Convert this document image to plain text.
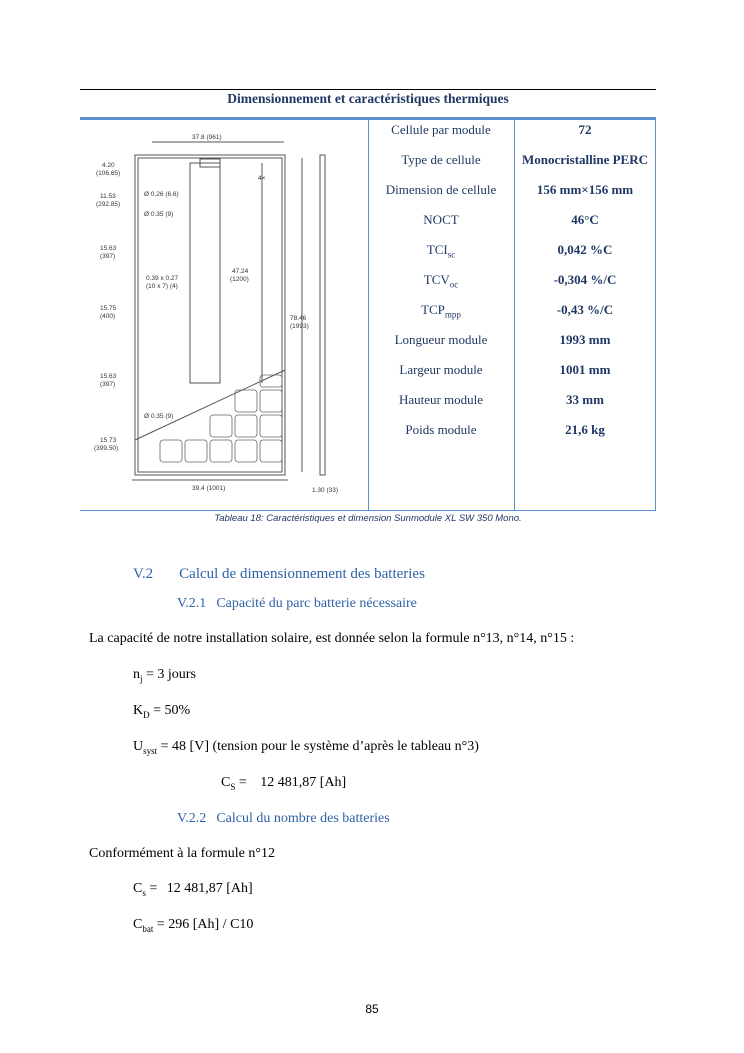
Dimensionnement et caractéristiques thermiques
37.8 (961)
39.4 (1001)
78.46
(1993)
47.24
(1200)
1.30 (33)
Ø 0.26 (6.6)
Ø 0.35 (9)
Ø 0.35 (9)
0.39 x 0.27
(10 x 7) (4)
4×
4.20
(106.65)
11.53
(292.85)
15.63
(397)
15.75
(400)
15.63
(397)
15.73
(399.50)
Cellule par module	72
Type de cellule	Monocristalline PERC
Dimension de cellule	156 mm×156 mm
NOCT	46°C
$TCI_{sc}$	0,042 %C
$TCV_{oc}$	-0,304 %/C
$TCP_{mpp}$	-0,43 %/C
Longueur module	1993 mm
Largeur module	1001 mm
Hauteur module	33 mm
Poids module	21,6 kg
Tableau 18: Caractéristiques et dimension Sunmodule XL SW 350 Mono.
V.2 Calcul de dimensionnement des batteries
V.2.1 Capacité du parc batterie nécessaire
La capacité de notre installation solaire, est donnée selon la formule n°13, n°14, n°15 :
$n_j = 3$ jours
$K_D = 50\%$
$U_{syst} = 48$ [V] (tension pour le système d’après le tableau n°3)
$C_S = 12$ 481,87 [Ah]
V.2.2 Calcul du nombre des batteries
Conformément à la formule n°12
$C_s = 12$ 481,87 [Ah]
$C_{bat} = 296$ [Ah] / C10
85
